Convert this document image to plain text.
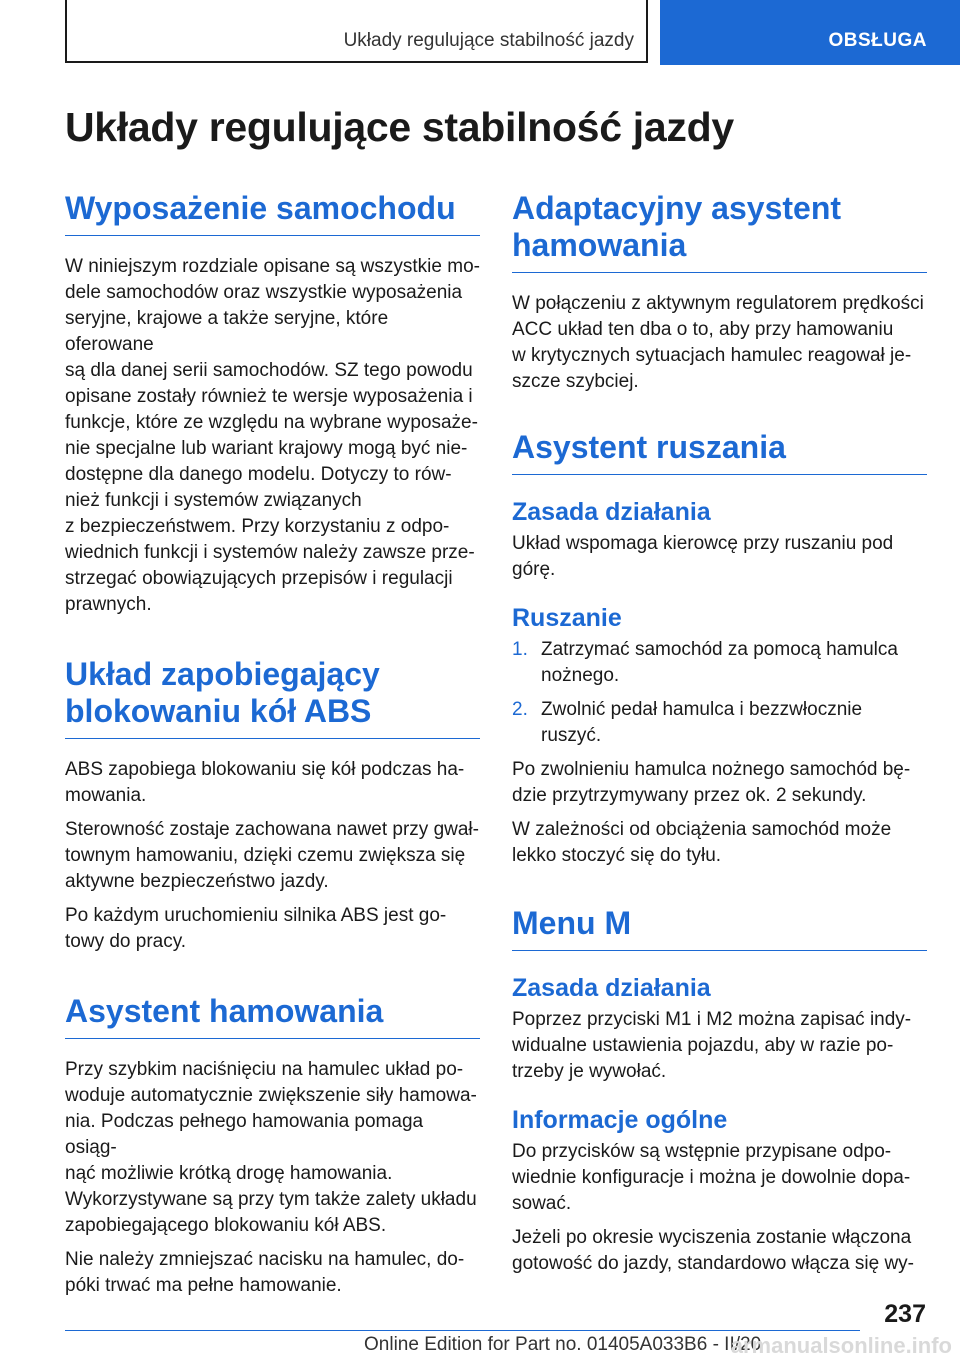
Układy regulujące stabilność jazdy	OBSŁUGA
Układy regulujące stabilność jazdy
Wyposażenie samochodu

W niniejszym rozdziale opisane są wszystkie mo-
dele samochodów oraz wszystkie wyposażenia
seryjne, krajowe a także seryjne, które oferowane
są dla danej serii samochodów. SZ tego powodu
opisane zostały również te wersje wyposażenia i
funkcje, które ze względu na wybrane wyposaże-
nie specjalne lub wariant krajowy mogą być nie-
dostępne dla danego modelu. Dotyczy to rów-
nież funkcji i systemów związanych
z bezpieczeństwem. Przy korzystaniu z odpo-
wiednich funkcji i systemów należy zawsze prze-
strzegać obowiązujących przepisów i regulacji
prawnych.

Układ zapobiegający
blokowaniu kół ABS

ABS zapobiega blokowaniu się kół podczas ha-
mowania.

Sterowność zostaje zachowana nawet przy gwał-
townym hamowaniu, dzięki czemu zwiększa się
aktywne bezpieczeństwo jazdy.

Po każdym uruchomieniu silnika ABS jest go-
towy do pracy.

Asystent hamowania

Przy szybkim naciśnięciu na hamulec układ po-
woduje automatycznie zwiększenie siły hamowa-
nia. Podczas pełnego hamowania pomaga osiąg-
nąć możliwie krótką drogę hamowania.
Wykorzystywane są przy tym także zalety układu
zapobiegającego blokowaniu kół ABS.

Nie należy zmniejszać nacisku na hamulec, do-
póki trwać ma pełne hamowanie.

Adaptacyjny asystent
hamowania

W połączeniu z aktywnym regulatorem prędkości
ACC układ ten dba o to, aby przy hamowaniu
w krytycznych sytuacjach hamulec reagował je-
szcze szybciej.

Asystent ruszania
Zasada działania

Układ wspomaga kierowcę przy ruszaniu pod
górę.

Ruszanie
1. Zatrzymać samochód za pomocą hamulca
nożnego.
2. Zwolnić pedał hamulca i bezzwłocznie ruszyć.

Po zwolnieniu hamulca nożnego samochód bę-
dzie przytrzymywany przez ok. 2 sekundy.

W zależności od obciążenia samochód może
lekko stoczyć się do tyłu.

Menu M
Zasada działania

Poprzez przyciski M1 i M2 można zapisać indy-
widualne ustawienia pojazdu, aby w razie po-
trzeby je wywołać.

Informacje ogólne

Do przycisków są wstępnie przypisane odpo-
wiednie konfiguracje i można je dowolnie dopa-
sować.

Jeżeli po okresie wyciszenia zostanie włączona
gotowość do jazdy, standardowo włącza się wy-

237
Online Edition for Part no. 01405A033B6 - II/20
armanualsonline.info
